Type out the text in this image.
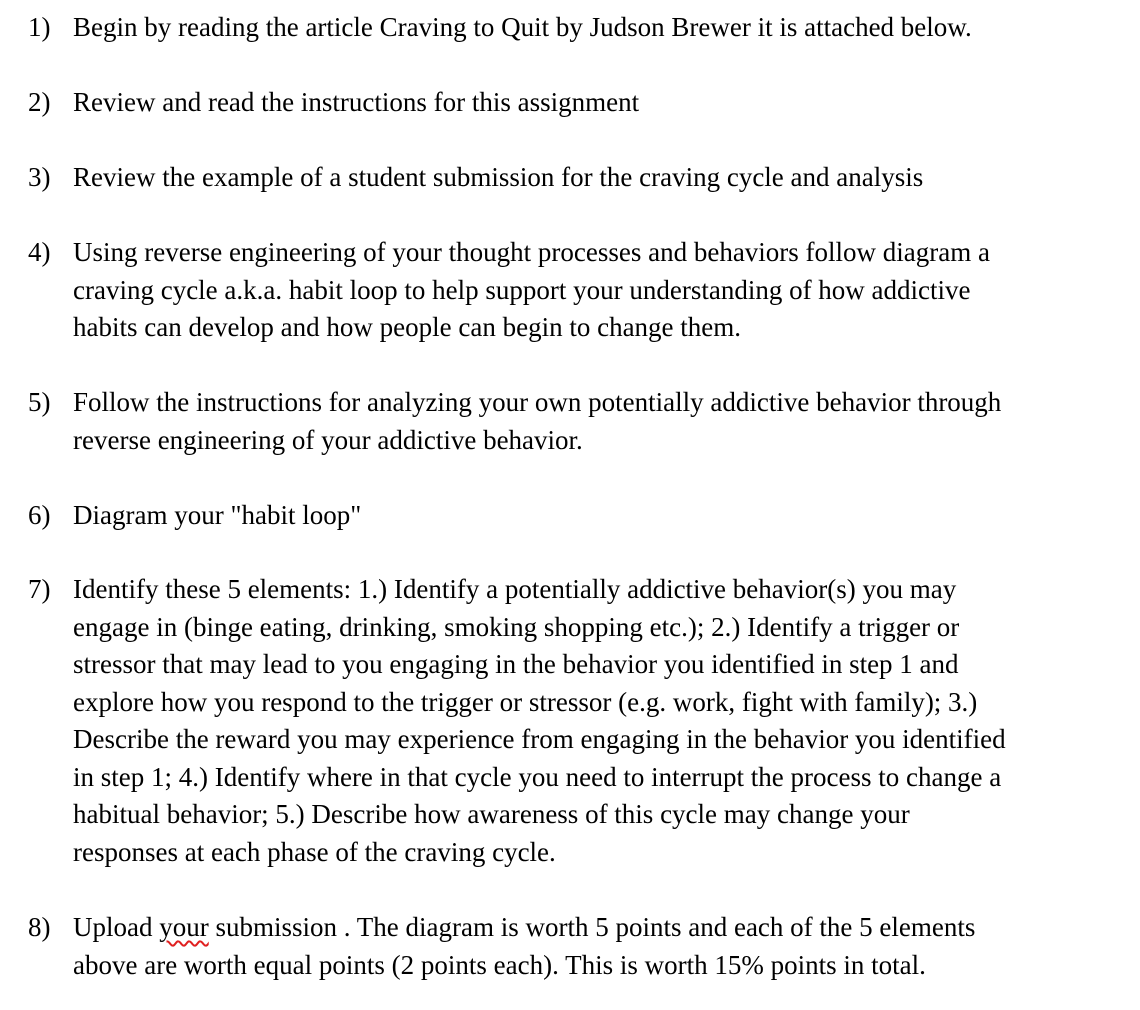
1) Begin by reading the article Craving to Quit by Judson Brewer it is attached below.
2) Review and read the instructions for this assignment
3) Review the example of a student submission for the craving cycle and analysis
4) Using reverse engineering of your thought processes and behaviors follow diagram a
craving cycle a.k.a. habit loop to help support your understanding of how addictive
habits can develop and how people can begin to change them.
5) Follow the instructions for analyzing your own potentially addictive behavior through
reverse engineering of your addictive behavior.
6) Diagram your "habit loop"
7) Identify these 5 elements: 1.) Identify a potentially addictive behavior(s) you may
engage in (binge eating, drinking, smoking shopping etc.); 2.) Identify a trigger or
stressor that may lead to you engaging in the behavior you identified in step 1 and
explore how you respond to the trigger or stressor (e.g. work, fight with family); 3.)
Describe the reward you may experience from engaging in the behavior you identified
in step 1; 4.) Identify where in that cycle you need to interrupt the process to change a
habitual behavior; 5.) Describe how awareness of this cycle may change your
responses at each phase of the craving cycle.
8) Upload your submission . The diagram is worth 5 points and each of the 5 elements
above are worth equal points (2 points each). This is worth 15% points in total.
